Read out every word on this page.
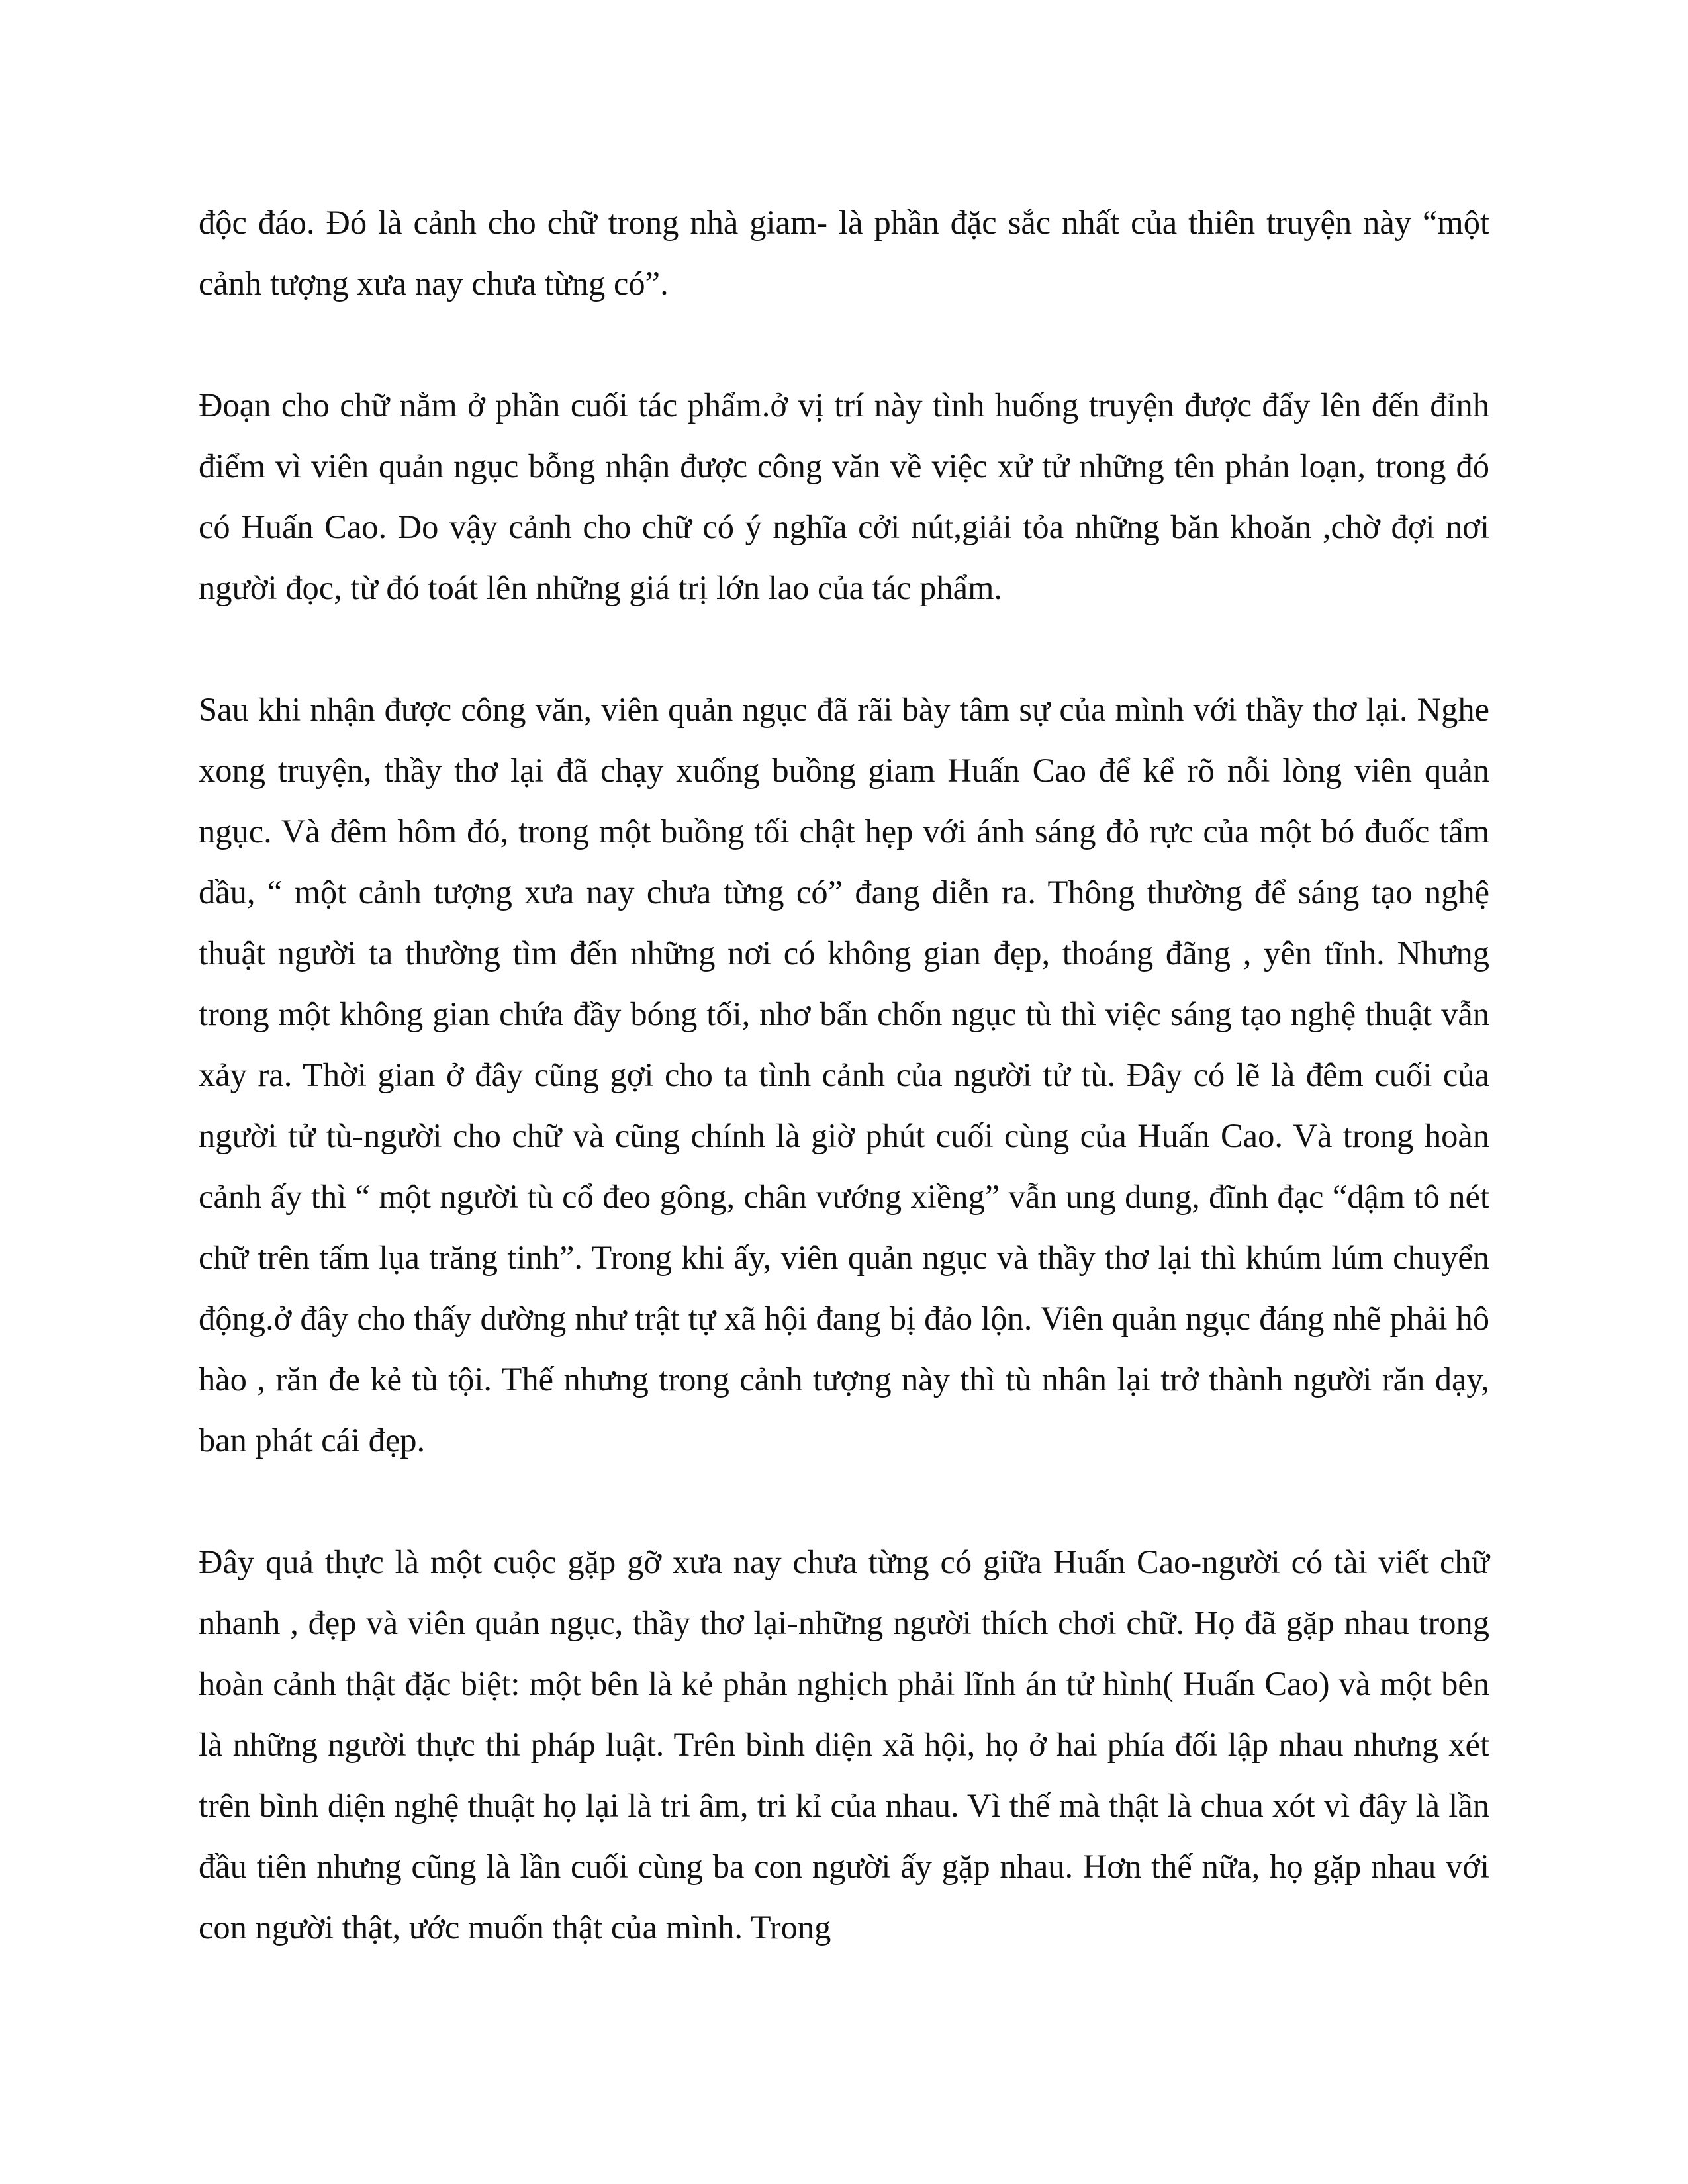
độc đáo. Đó là cảnh cho chữ trong nhà giam- là phần đặc sắc nhất của thiên truyện này “một cảnh tượng xưa nay chưa từng có”.

Đoạn cho chữ nằm ở phần cuối tác phẩm.ở vị trí này tình huống truyện được đẩy lên đến đỉnh điểm vì viên quản ngục bỗng nhận được công văn về việc xử tử những tên phản loạn, trong đó có Huấn Cao. Do vậy cảnh cho chữ có ý nghĩa cởi nút,giải tỏa những băn khoăn ,chờ đợi nơi người đọc, từ đó toát lên những giá trị lớn lao của tác phẩm.

Sau khi nhận được công văn, viên quản ngục đã rãi bày tâm sự của mình với thầy thơ lại. Nghe xong truyện, thầy thơ lại đã chạy xuống buồng giam Huấn Cao để kể rõ nỗi lòng viên quản ngục. Và đêm hôm đó, trong một buồng tối chật hẹp với ánh sáng đỏ rực của một bó đuốc tẩm dầu, “ một cảnh tượng xưa nay chưa từng có” đang diễn ra. Thông thường để sáng tạo nghệ thuật người ta thường tìm đến những nơi có không gian đẹp, thoáng đãng , yên tĩnh. Nhưng trong một không gian chứa đầy bóng tối, nhơ bẩn chốn ngục tù thì việc sáng tạo nghệ thuật vẫn xảy ra. Thời gian ở đây cũng gợi cho ta tình cảnh của người tử tù. Đây có lẽ là đêm cuối của người tử tù-người cho chữ và cũng chính là giờ phút cuối cùng của Huấn Cao. Và trong hoàn cảnh ấy thì “ một người tù cổ đeo gông, chân vướng xiềng” vẫn ung dung, đĩnh đạc “dậm tô nét chữ trên tấm lụa trăng tinh”. Trong khi ấy, viên quản ngục và thầy thơ lại thì khúm lúm chuyển động.ở đây cho thấy dường như trật tự xã hội đang bị đảo lộn. Viên quản ngục đáng nhẽ phải hô hào , răn đe kẻ tù tội. Thế nhưng trong cảnh tượng này thì tù nhân lại trở thành người răn dạy, ban phát cái đẹp.

Đây quả thực là một cuộc gặp gỡ xưa nay chưa từng có giữa Huấn Cao-người có tài viết chữ nhanh , đẹp và viên quản ngục, thầy thơ lại-những người thích chơi chữ. Họ đã gặp nhau trong hoàn cảnh thật đặc biệt: một bên là kẻ phản nghịch phải lĩnh án tử hình( Huấn Cao) và một bên là những người thực thi pháp luật. Trên bình diện xã hội, họ ở hai phía đối lập nhau nhưng xét trên bình diện nghệ thuật họ lại là tri âm, tri kỉ của nhau. Vì thế mà thật là chua xót vì đây là lần đầu tiên nhưng cũng là lần cuối cùng ba con người ấy gặp nhau. Hơn thế nữa, họ gặp nhau với con người thật, ước muốn thật của mình. Trong
